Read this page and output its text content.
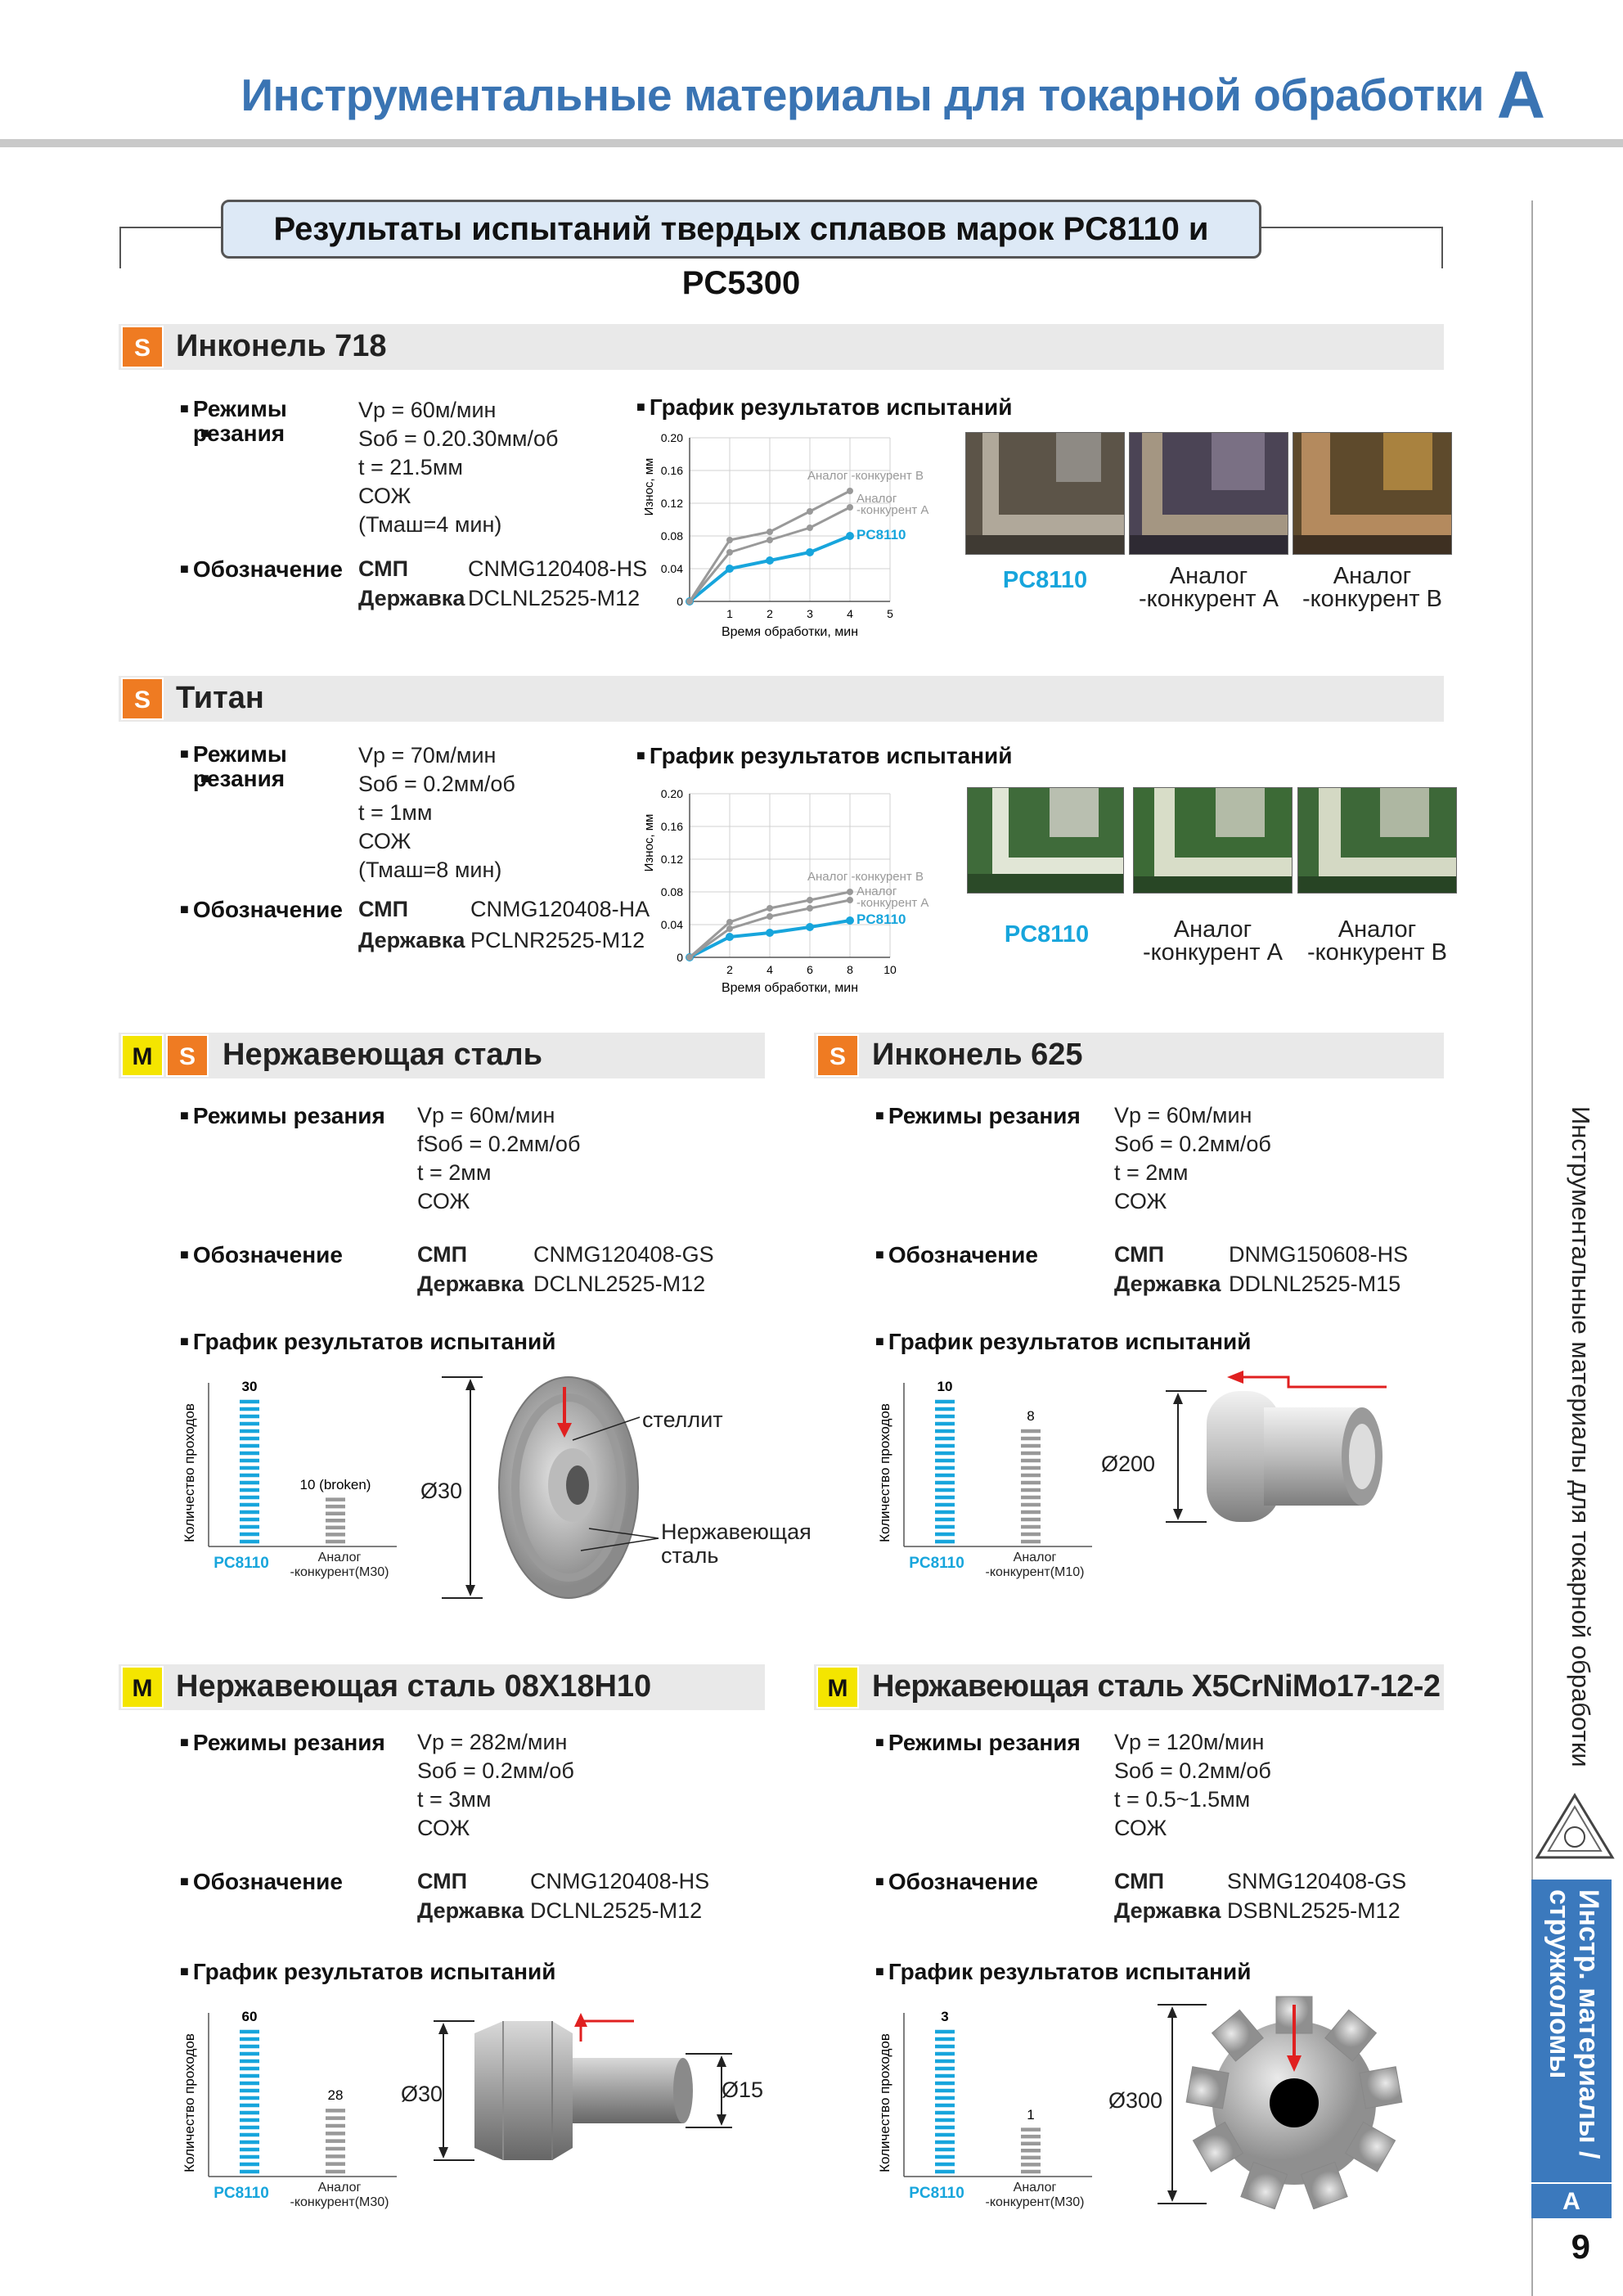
Инструментальные материалы для токарной обработки A
Результаты испытаний твердых сплавов марок PC8110 и PC5300
S Инконель 718
■ Режимы
■ резания
Vр = 60м/мин
Sоб = 0.20.30мм/об
t = 21.5мм
СОЖ
(Тмаш=4 мин)
■ Обозначение СМП	CNMG120408-HS
Державка DCLNL2525-M12
■ График результатов испытаний
0
0.04
0.08
0.12
0.16
0.20
1	2	3	4	5
Время обработки, мин
Износ, мм
PC8110
Аналог
-конкурент A
Аналог -конкурент B
PC8110	Аналог
-конкурент A
Аналог
-конкурент B
S Титан
■ Режимы
■ резания
Vр = 70м/мин
Sоб = 0.2мм/об
t = 1мм
СОЖ
(Тмаш=8 мин)
■ Обозначение СМП	CNMG120408-HA
Державка PCLNR2525-M12
■ График результатов испытаний
0
0.04
0.08
0.12
0.16
0.20
2	4	6	8	10
Время обработки, мин
Износ, мм
PC8110
Аналог
-конкурент A
Аналог -конкурент B
PC8110	Аналог
-конкурент A
Аналог
-конкурент B
M	S Нержавеющая сталь
■ Режимы резания Vр = 60м/мин
fSоб = 0.2мм/об
t = 2мм
СОЖ
■ Обозначение	СМП	CNMG120408-GS
Державка DCLNL2525-M12
■ График результатов испытаний
Количество проходов
30
PC8110
10 (broken)
Аналог
-конкурент(M30)
Ø30
стеллит
Нержавеющая
сталь
S Инконель 625
■ Режимы резания Vр = 60м/мин
Sоб = 0.2мм/об
t = 2мм
СОЖ
■ Обозначение	СМП	DNMG150608-HS
Державка DDLNL2525-M15
■ График результатов испытаний
Количество проходов
10
PC8110
8
Аналог
-конкурент(M10)
Ø200
M Нержавеющая сталь 08Х18Н10
■ Режимы резания Vр = 282м/мин
Sоб = 0.2мм/об
t = 3мм
СОЖ
■ Обозначение	СМП	CNMG120408-HS
Державка DCLNL2525-M12
■ График результатов испытаний
Количество проходов
60
PC8110
28
Аналог
-конкурент(M30)
Ø30	Ø15
M Нержавеющая сталь X5CrNiMo17-12-2
■ Режимы резания Vр = 120м/мин
Sоб = 0.2мм/об
t = 0.5~1.5мм
СОЖ
■ Обозначение	СМП	SNMG120408-GS
Державка DSBNL2525-M12
■ График результатов испытаний
Количество проходов
3
PC8110
1
Аналог
-конкурент(M30)
Ø300
Инструментальные материалы для токарной обработки
Инстр. материалы /
стружколомы
A
9
